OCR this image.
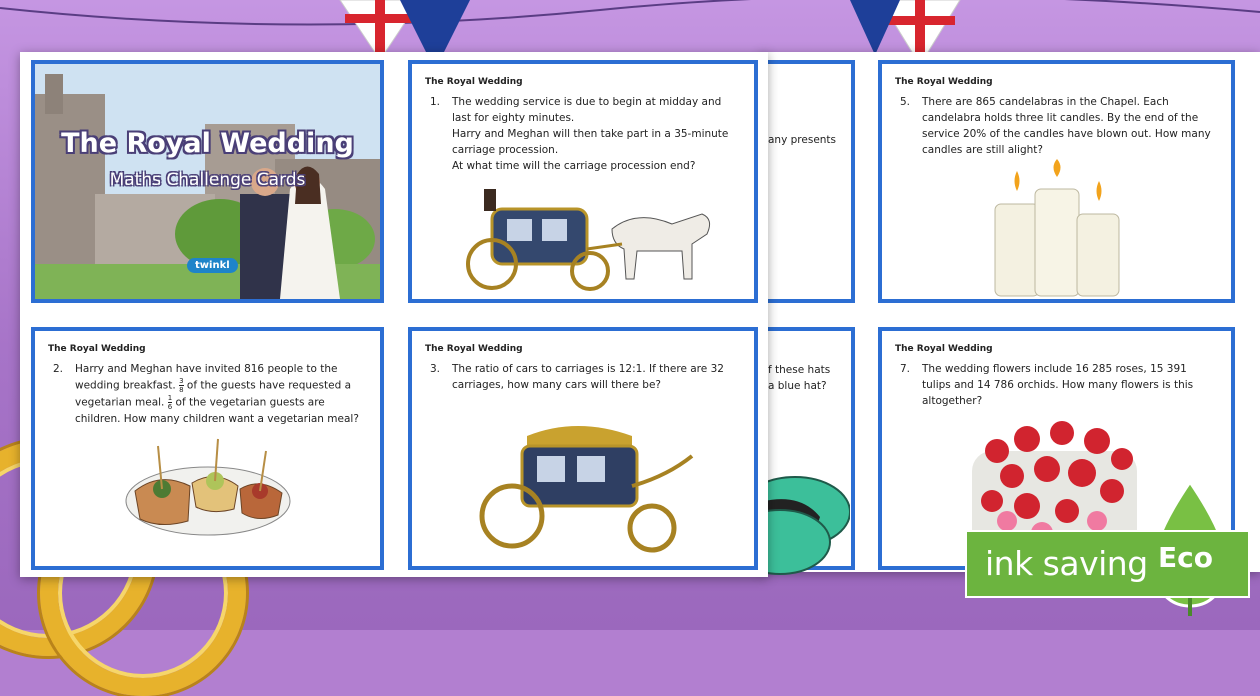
any presents
f these hats
a blue hat?
The Royal Wedding
5. There are 865 candelabras in the Chapel. Each candelabra holds three lit candles. By the end of the service 20% of the candles have blown out. How many candles are still alight?
The Royal Wedding
7. The wedding flowers include 16 285 roses, 15 391 tulips and 14 786 orchids. How many flowers is this altogether?
The Royal Wedding
Maths Challenge Cards
twinkl
The Royal Wedding
1. The wedding service is due to begin at midday and last for eighty minutes.
Harry and Meghan will then take part in a 35-minute carriage procession.
At what time will the carriage procession end?
The Royal Wedding
2. Harry and Meghan have invited 816 people to the wedding breakfast. $\frac{3}{8}$ of the guests have requested a vegetarian meal. $\frac{1}{6}$ of the vegetarian guests are children. How many children want a vegetarian meal?
The Royal Wedding
3. The ratio of cars to carriages is 12:1. If there are 32 carriages, how many cars will there be?
ink saving Eco
